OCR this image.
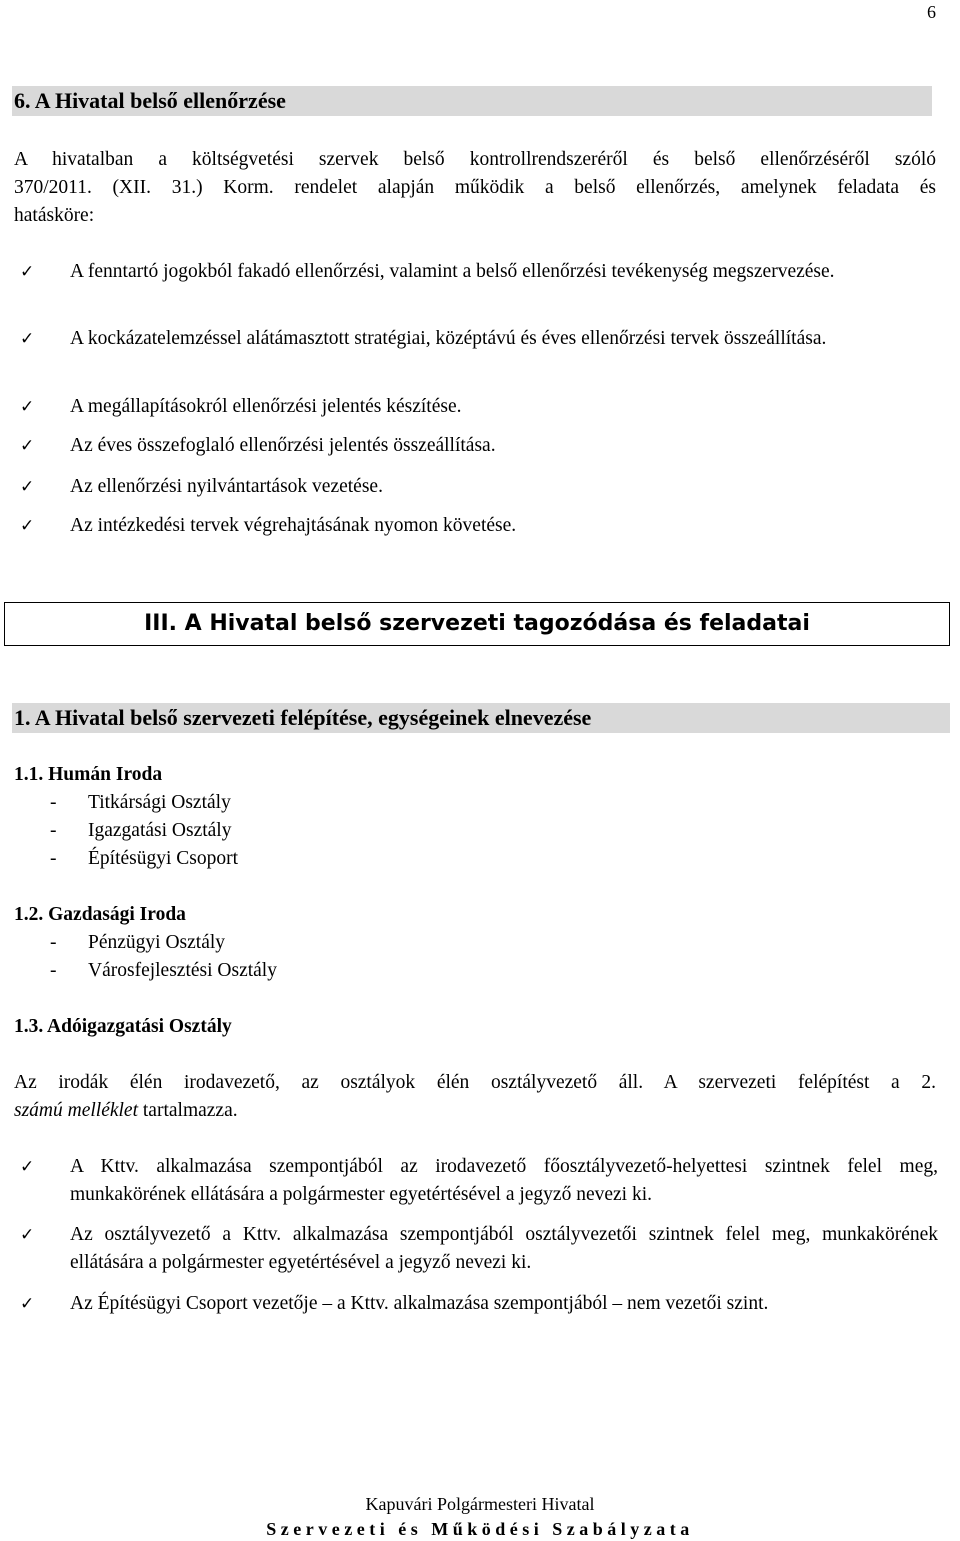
6
6. A Hivatal belső ellenőrzése
A hivatalban a költségvetési szervek belső kontrollrendszeréről és belső ellenőrzéséről szóló
370/2011. (XII. 31.) Korm. rendelet alapján működik a belső ellenőrzés, amelynek feladata és
hatásköre:
✓	A fenntartó jogokból fakadó ellenőrzési, valamint a belső ellenőrzési tevékenység megszervezése.
✓	A kockázatelemzéssel alátámasztott stratégiai, középtávú és éves ellenőrzési tervek összeállítása.
✓	A megállapításokról ellenőrzési jelentés készítése.
✓	Az éves összefoglaló ellenőrzési jelentés összeállítása.
✓	Az ellenőrzési nyilvántartások vezetése.
✓	Az intézkedési tervek végrehajtásának nyomon követése.
III. A Hivatal belső szervezeti tagozódása és feladatai
1. A Hivatal belső szervezeti felépítése, egységeinek elnevezése
1.1. Humán Iroda
- Titkársági Osztály
- Igazgatási Osztály
- Építésügyi Csoport
1.2. Gazdasági Iroda
- Pénzügyi Osztály
- Városfejlesztési Osztály
1.3. Adóigazgatási Osztály
Az irodák élén irodavezető, az osztályok élén osztályvezető áll. A szervezeti felépítést a 2.
számú melléklet tartalmazza.
✓	A Kttv. alkalmazása szempontjából az irodavezető főosztályvezető-helyettesi szintnek felel meg, munkakörének ellátására a polgármester egyetértésével a jegyző nevezi ki.
✓	Az osztályvezető a Kttv. alkalmazása szempontjából osztályvezetői szintnek felel meg, munkakörének ellátására a polgármester egyetértésével a jegyző nevezi ki.
✓	Az Építésügyi Csoport vezetője – a Kttv. alkalmazása szempontjából – nem vezetői szint.
Kapuvári Polgármesteri Hivatal
Szervezeti és Működési Szabályzata
